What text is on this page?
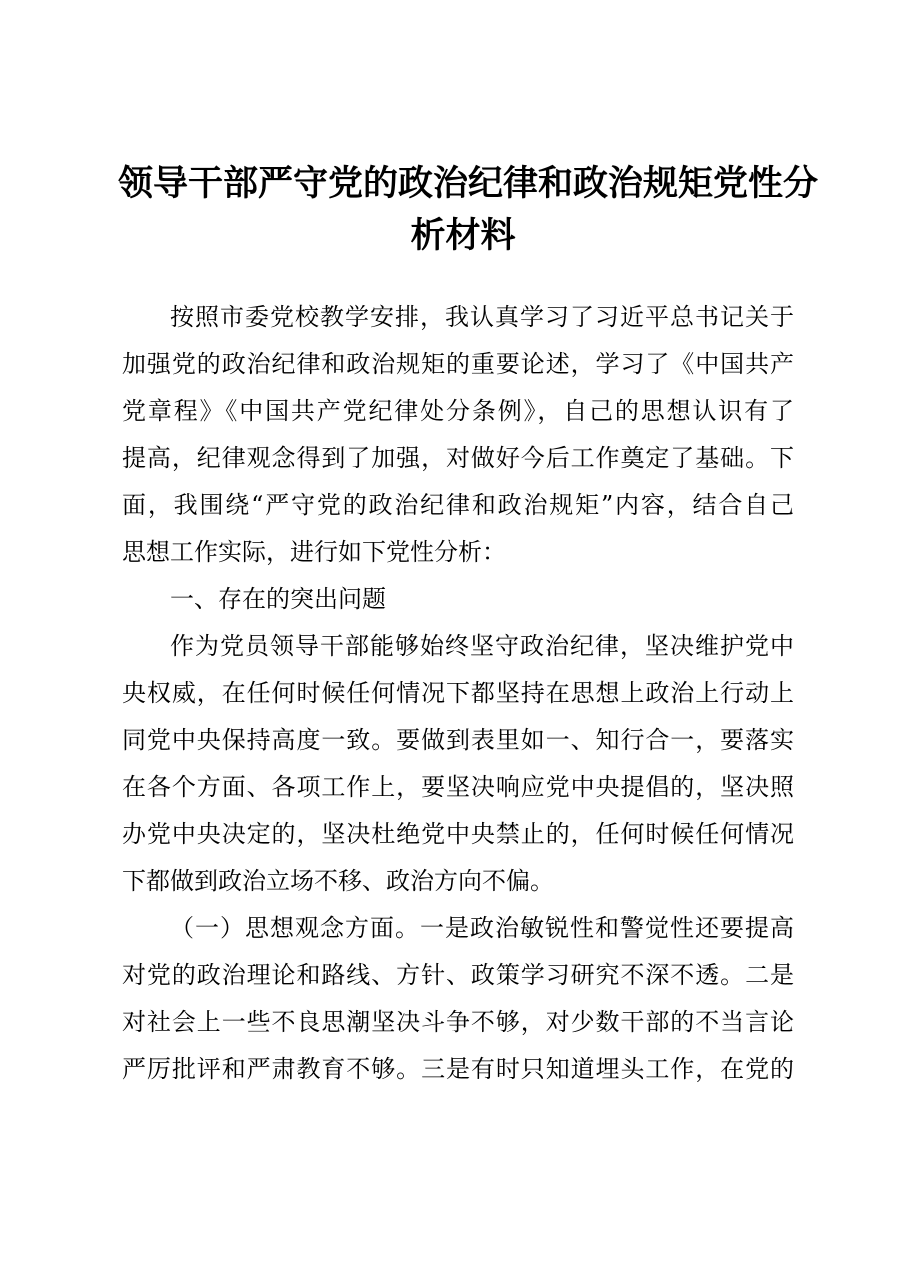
领导干部严守党的政治纪律和政治规矩党性分
析材料
按照市委党校教学安排，我认真学习了习近平总书记关于
加强党的政治纪律和政治规矩的重要论述，学习了《中国共产
党章程》《中国共产党纪律处分条例》，自己的思想认识有了
提高，纪律观念得到了加强，对做好今后工作奠定了基础。下
面，我围绕“严守党的政治纪律和政治规矩”内容，结合自己
思想工作实际，进行如下党性分析：
一、存在的突出问题
作为党员领导干部能够始终坚守政治纪律，坚决维护党中
央权威，在任何时候任何情况下都坚持在思想上政治上行动上
同党中央保持高度一致。要做到表里如一、知行合一，要落实
在各个方面、各项工作上，要坚决响应党中央提倡的，坚决照
办党中央决定的，坚决杜绝党中央禁止的，任何时候任何情况
下都做到政治立场不移、政治方向不偏。
（一）思想观念方面。一是政治敏锐性和警觉性还要提高
对党的政治理论和路线、方针、政策学习研究不深不透。二是
对社会上一些不良思潮坚决斗争不够，对少数干部的不当言论
严厉批评和严肃教育不够。三是有时只知道埋头工作，在党的
